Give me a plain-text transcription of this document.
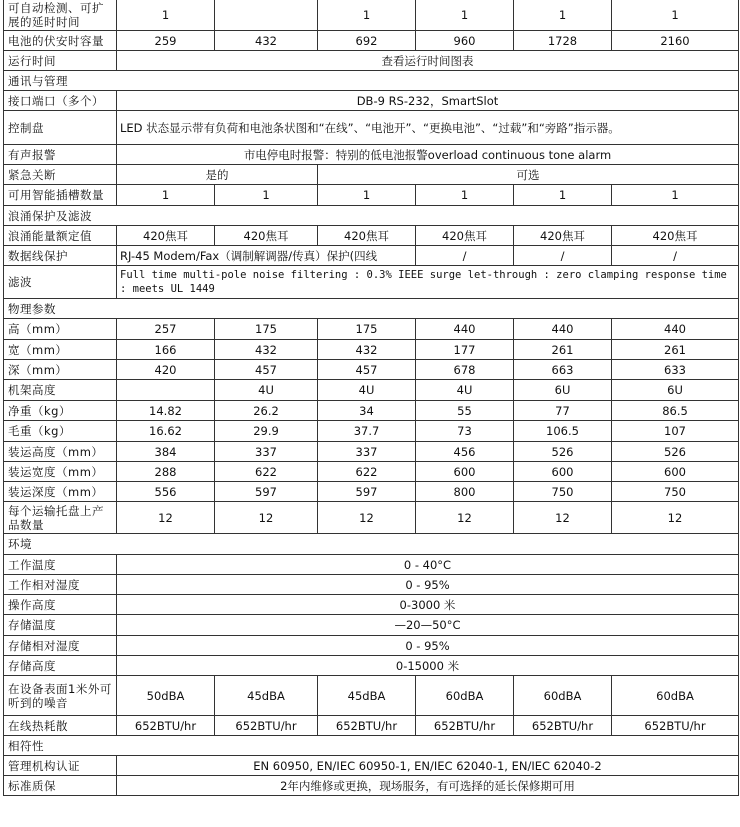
可自动检测、可扩展的延时时间	1		1	1	1	1
电池的伏安时容量	259	432	692	960	1728	2160
运行时间	查看运行时间图表					
通讯与管理						
接口端口（多个）	DB-9 RS-232，SmartSlot					
控制盘	LED 状态显示带有负荷和电池条状图和“在线”、“电池开”、“更换电池”、“过载”和“旁路”指示器。					
有声报警	市电停电时报警：特别的低电池报警overload continuous tone alarm					
紧急关断	是的		可选			
可用智能插槽数量	1	1	1	1	1	1
浪涌保护及滤波						
浪涌能量额定值	420焦耳	420焦耳	420焦耳	420焦耳	420焦耳	420焦耳
数据线保护	RJ-45 Modem/Fax（调制解调器/传真）保护(四线			/	/	/
滤波	Full time multi-pole noise filtering : 0.3% IEEE surge let-through : zero clamping response time : meets UL 1449					
物理参数						
高（mm）	257	175	175	440	440	440
宽（mm）	166	432	432	177	261	261
深（mm）	420	457	457	678	663	633
机架高度		4U	4U	4U	6U	6U
净重（kg）	14.82	26.2	34	55	77	86.5
毛重（kg）	16.62	29.9	37.7	73	106.5	107
装运高度（mm）	384	337	337	456	526	526
装运宽度（mm）	288	622	622	600	600	600
装运深度（mm）	556	597	597	800	750	750
每个运输托盘上产品数量	12	12	12	12	12	12
环境						
工作温度	0 - 40°C					
工作相对湿度	0 - 95%					
操作高度	0-3000 米					
存储温度	—20—50°C					
存储相对湿度	0 - 95%					
存储高度	0-15000 米					
在设备表面1米外可听到的噪音	50dBA	45dBA	45dBA	60dBA	60dBA	60dBA
在线热耗散	652BTU/hr	652BTU/hr	652BTU/hr	652BTU/hr	652BTU/hr	652BTU/hr
相符性						
管理机构认证	EN 60950, EN/IEC 60950-1, EN/IEC 62040-1, EN/IEC 62040-2					
标准质保	2年内维修或更换，现场服务，有可选择的延长保修期可用					
